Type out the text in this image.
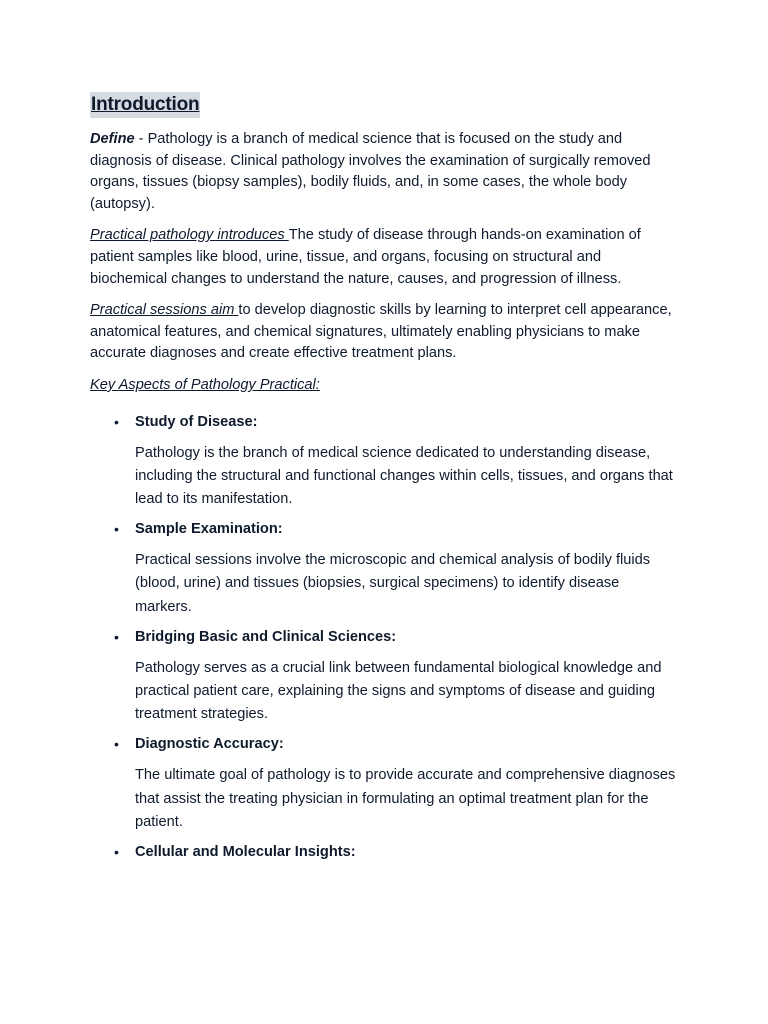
Introduction

Define - Pathology is a branch of medical science that is focused on the study and diagnosis of disease. Clinical pathology involves the examination of surgically removed organs, tissues (biopsy samples), bodily fluids, and, in some cases, the whole body (autopsy).

Practical pathology introduces The study of disease through hands-on examination of patient samples like blood, urine, tissue, and organs, focusing on structural and biochemical changes to understand the nature, causes, and progression of illness.

Practical sessions aim to develop diagnostic skills by learning to interpret cell appearance, anatomical features, and chemical signatures, ultimately enabling physicians to make accurate diagnoses and create effective treatment plans.

Key Aspects of Pathology Practical:

• Study of Disease:
Pathology is the branch of medical science dedicated to understanding disease, including the structural and functional changes within cells, tissues, and organs that lead to its manifestation.
• Sample Examination:
Practical sessions involve the microscopic and chemical analysis of bodily fluids (blood, urine) and tissues (biopsies, surgical specimens) to identify disease markers.
• Bridging Basic and Clinical Sciences:
Pathology serves as a crucial link between fundamental biological knowledge and practical patient care, explaining the signs and symptoms of disease and guiding treatment strategies.
• Diagnostic Accuracy:
The ultimate goal of pathology is to provide accurate and comprehensive diagnoses that assist the treating physician in formulating an optimal treatment plan for the patient.
• Cellular and Molecular Insights:
